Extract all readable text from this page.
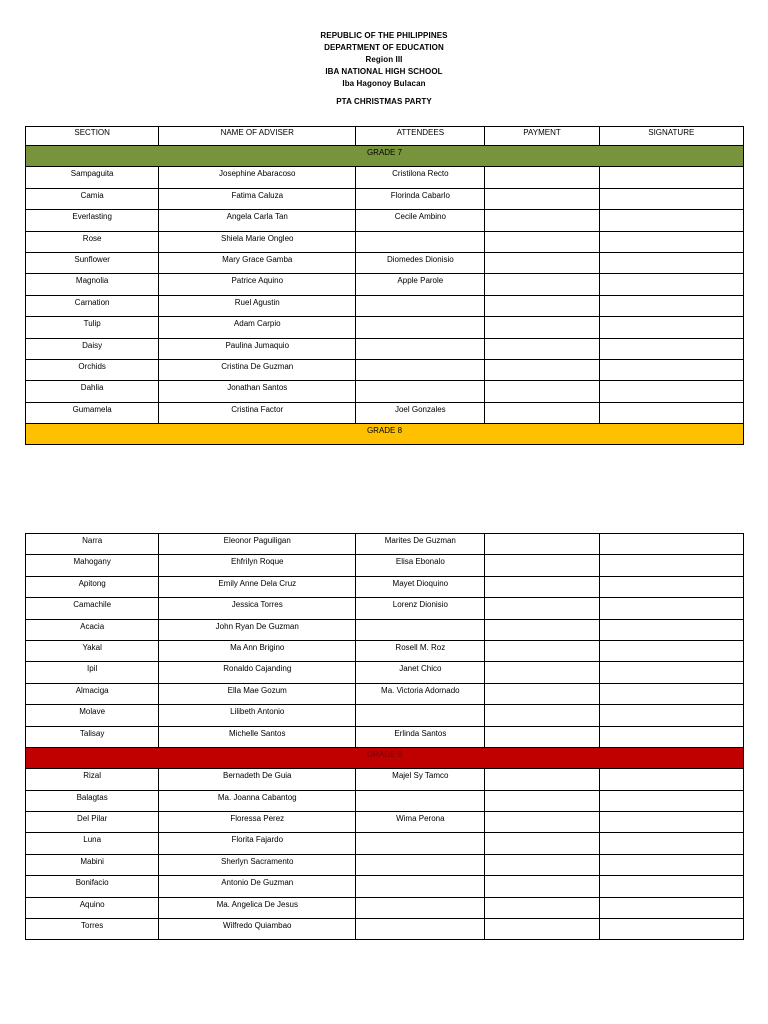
REPUBLIC OF THE PHILIPPINES
DEPARTMENT OF EDUCATION
Region III
IBA NATIONAL HIGH SCHOOL
Iba Hagonoy Bulacan
PTA CHRISTMAS PARTY
SECTION	NAME OF ADVISER	ATTENDEES	PAYMENT	SIGNATURE
GRADE 7				
Sampaguita	Josephine Abaracoso	Cristilona Recto		
Camia	Fatima Caluza	Florinda Cabarlo		
Everlasting	Angela Carla Tan	Cecile Ambino		
Rose	Shiela Marie Ongleo			
Sunflower	Mary Grace Gamba	Diomedes Dionisio		
Magnolia	Patrice Aquino	Apple Parole		
Carnation	Ruel Agustin			
Tulip	Adam Carpio			
Daisy	Paulina Jumaquio			
Orchids	Cristina De Guzman			
Dahlia	Jonathan Santos			
Gumamela	Cristina Factor	Joel Gonzales		
GRADE 8				
Narra	Eleonor Paguiligan	Marites De Guzman		
Mahogany	Ehfrilyn Roque	Elisa Ebonalo		
Apitong	Emily Anne Dela Cruz	Mayet Dioquino		
Camachile	Jessica Torres	Lorenz Dionisio		
Acacia	John Ryan De Guzman			
Yakal	Ma Ann Brigino	Rosell M. Roz		
Ipil	Ronaldo Cajanding	Janet Chico		
Almaciga	Ella Mae Gozum	Ma. Victoria Adornado		
Molave	Lilibeth Antonio			
Talisay	Michelle Santos	Erlinda Santos		
GRADE 9				
Rizal	Bernadeth De Guia	Majel Sy Tamco		
Balagtas	Ma. Joanna Cabantog			
Del Pilar	Floressa Perez	Wima Perona		
Luna	Florita Fajardo			
Mabini	Sherlyn Sacramento			
Bonifacio	Antonio De Guzman			
Aquino	Ma. Angelica De Jesus			
Torres	Wilfredo Quiambao			
